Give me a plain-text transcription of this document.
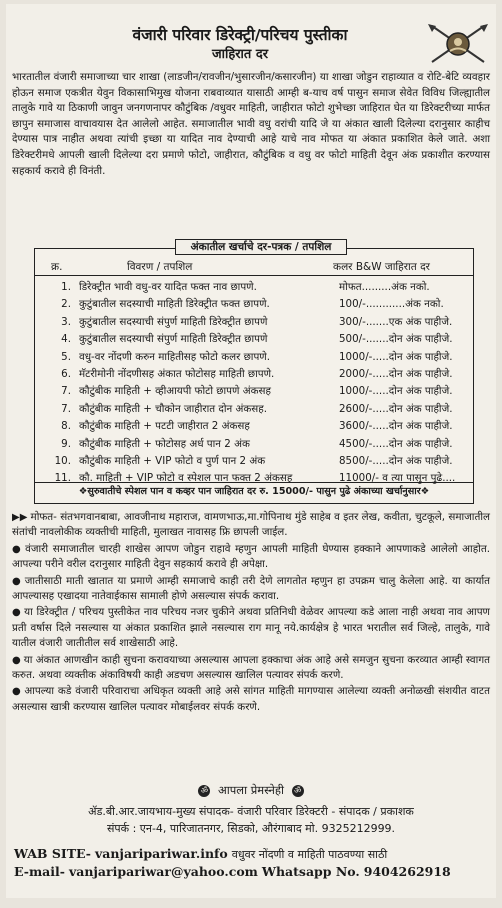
वंजारी परिवार डिरेक्ट्री/परिचय पुस्तीका
जाहिरात दर
भारतातील वंजारी समाजाच्या चार शाखा (लाडजीन/रावजीन/भुसारजीन/कसारजीन) या शाखा जोडुन राहाव्यात व रोटि-बेटि व्यवहार होऊन समाज एकत्रीत येवुन विकासाभिमुख योजना राबवाव्यात यासाठी आम्ही ब-याच वर्ष पासुन समाज सेवेत विविध जिल्ह्यातील तालुके गावे या ठिकाणी जावुन जनगणनापर कौटुंबिक /वधुवर माहिती, जाहीरात फोटो शुभेच्छा जाहिरात घेत या डिरेक्टरीच्या मार्फत छापुन समाजास वाचावयास देत आलेलो आहेत. समाजातील भावी वधु वरांची यादि जे या अंकात खाली दिलेल्या दरानुसार काहीच देण्यास पात्र नाहीत अथवा त्यांची इच्छा या यादित नाव देण्याची आहे याचे नाव मोफत या अंकात प्रकाशित केले जाते. अशा डिरेक्टरीमधे आपली खाली दिलेल्या दरा प्रमाणे फोटो, जाहीरात, कौटुंबिक व वधु वर फोटो माहिती देवून अंक प्रकाशीत करण्यास सहकार्य करावे ही विनंती.
अंकातील खर्चाचे दर-पत्रक / तपशिल
क्र.	विवरण / तपशिल	कलर B&W जाहिरात दर
1. डिरेक्ट्रीत भावी वधु-वर यादित फक्त नाव छापणे.	मोफत.........अंक नको.
2. कुटुंबातील सदस्याची माहिती डिरेक्ट्रीत फक्त छापणे.	100/-............अंक नको.
3. कुटुंबातील सदस्याची संपुर्ण माहिती डिरेक्ट्रीत छापणे	300/-.......एक अंक पाहीजे.
4. कुटुंबातील सदस्याची संपुर्ण माहिती डिरेक्ट्रीत छापणे	500/-.......दोन अंक पाहीजे.
5. वधु-वर नोंदणी करुन माहितीसह फोटो कलर छापणे.	1000/-.....दोन अंक पाहीजे.
6. मॅटरीमोनी नोंदणीसह अंकात फोटोसह माहिती छापणे.	2000/-.....दोन अंक पाहीजे.
7. कौटुंबीक माहिती + व्हीआयपी फोटो छापणे अंकसह	1000/-.....दोन अंक पाहीजे.
7. कौटुंबीक माहिती + चौकोन जाहीरात दोन अंकसह.	2600/-.....दोन अंक पाहीजे.
8. कौटुंबीक माहिती + पटटी जाहीरात 2 अंकसह	3600/-.....दोन अंक पाहीजे.
9. कौटुंबीक माहिती + फोटोसह अर्ध पान 2 अंक	4500/-.....दोन अंक पाहीजे.
10. कौटुंबीक माहिती + VIP फोटो व पुर्ण पान 2 अंक	8500/-.....दोन अंक पाहीजे.
11. कौ. माहिती + VIP फोटो व स्पेशल पान फक्त 2 अंकसह	11000/- व त्या पासुन पुढे....
❖सुरुवातीचे स्पेशल पान व कव्हर पान जाहिरात दर रु. 15000/- पासुन पुढे अंकाच्या खर्चानुसार❖
▶▶ मोफत- संतभगवानबाबा, आवजीनाथ महाराज, वामणभाऊ,मा.गोपिनाथ मुंडे साहेब व इतर लेख, कवीता, चुटकूले, समाजातील संतांची नावलोकीक व्यक्तीची माहिती, मुलाखत नावासह फ्रि छापली जाईल.
● वंजारी समाजातील चारही शाखेस आपण जोडुन राहावे म्हणुन आपली माहिती घेण्यास हक्काने आपणाकडे आलेलो आहोत. आपल्या परीने वरील दरानुसार माहिती देवुन सहकार्य करावे ही अपेक्षा.
● जातीसाठी माती खातात या प्रमाणे आम्ही समाजाचे काही तरी देणे लागतोत म्हणुन हा उपक्रम चालु केलेला आहे. या कार्यात आपल्यासह एखादया नातेवाईकास सामाली होणे असल्यास संपर्क करावा.
● या डिरेक्ट्रीत / परिचय पुस्तीकेत नाव परिचय नजर चुकीने अथवा प्रतिनिधी वेळेवर आपल्या कडे आला नाही अथवा नाव आपण प्रती वर्षास दिले नसल्यास या अंकात प्रकाशित झाले नसल्यास राग मानू नये.कार्यक्षेत्र हे भारत भरातील सर्व जिल्हे, तालुके, गावे यातील वंजारी जातीतील सर्व शाखेसाठी आहे.
● या अंकात आणखीन काही सुचना करावयाच्या असल्यास आपला हक्काचा अंक आहे असे समजुन सुचना करव्यात आम्ही स्वागत करुत. अथवा व्यक्तीक अंकाविषयी काही अडचण असल्यास खालिल पत्यावर संपर्क करणे.
● आपल्या कडे वंजारी परिवाराचा अधिकृत व्यक्ती आहे असे सांगत माहिती मागण्यास आलेल्या व्यक्ती अनोळखी संशयीत वाटत असल्यास खात्री करण्यास खालिल पत्यावर मोबाईलवर संपर्क करणे.
ॐ आपला प्रेमस्नेही ॐ
ॲड.बी.आर.जायभाय-मुख्य संपादक- वंजारी परिवार डिरेक्टरी - संपादक / प्रकाशक
संपर्क : एन-4, पारिजातनगर, सिडको, औरंगाबाद मो. 9325212999.
WAB SITE- vanjaripariwar.info वधुवर नोंदणी व माहिती पाठवण्या साठी
E-mail- vanjaripariwar@yahoo.com Whatsapp No. 9404262918
